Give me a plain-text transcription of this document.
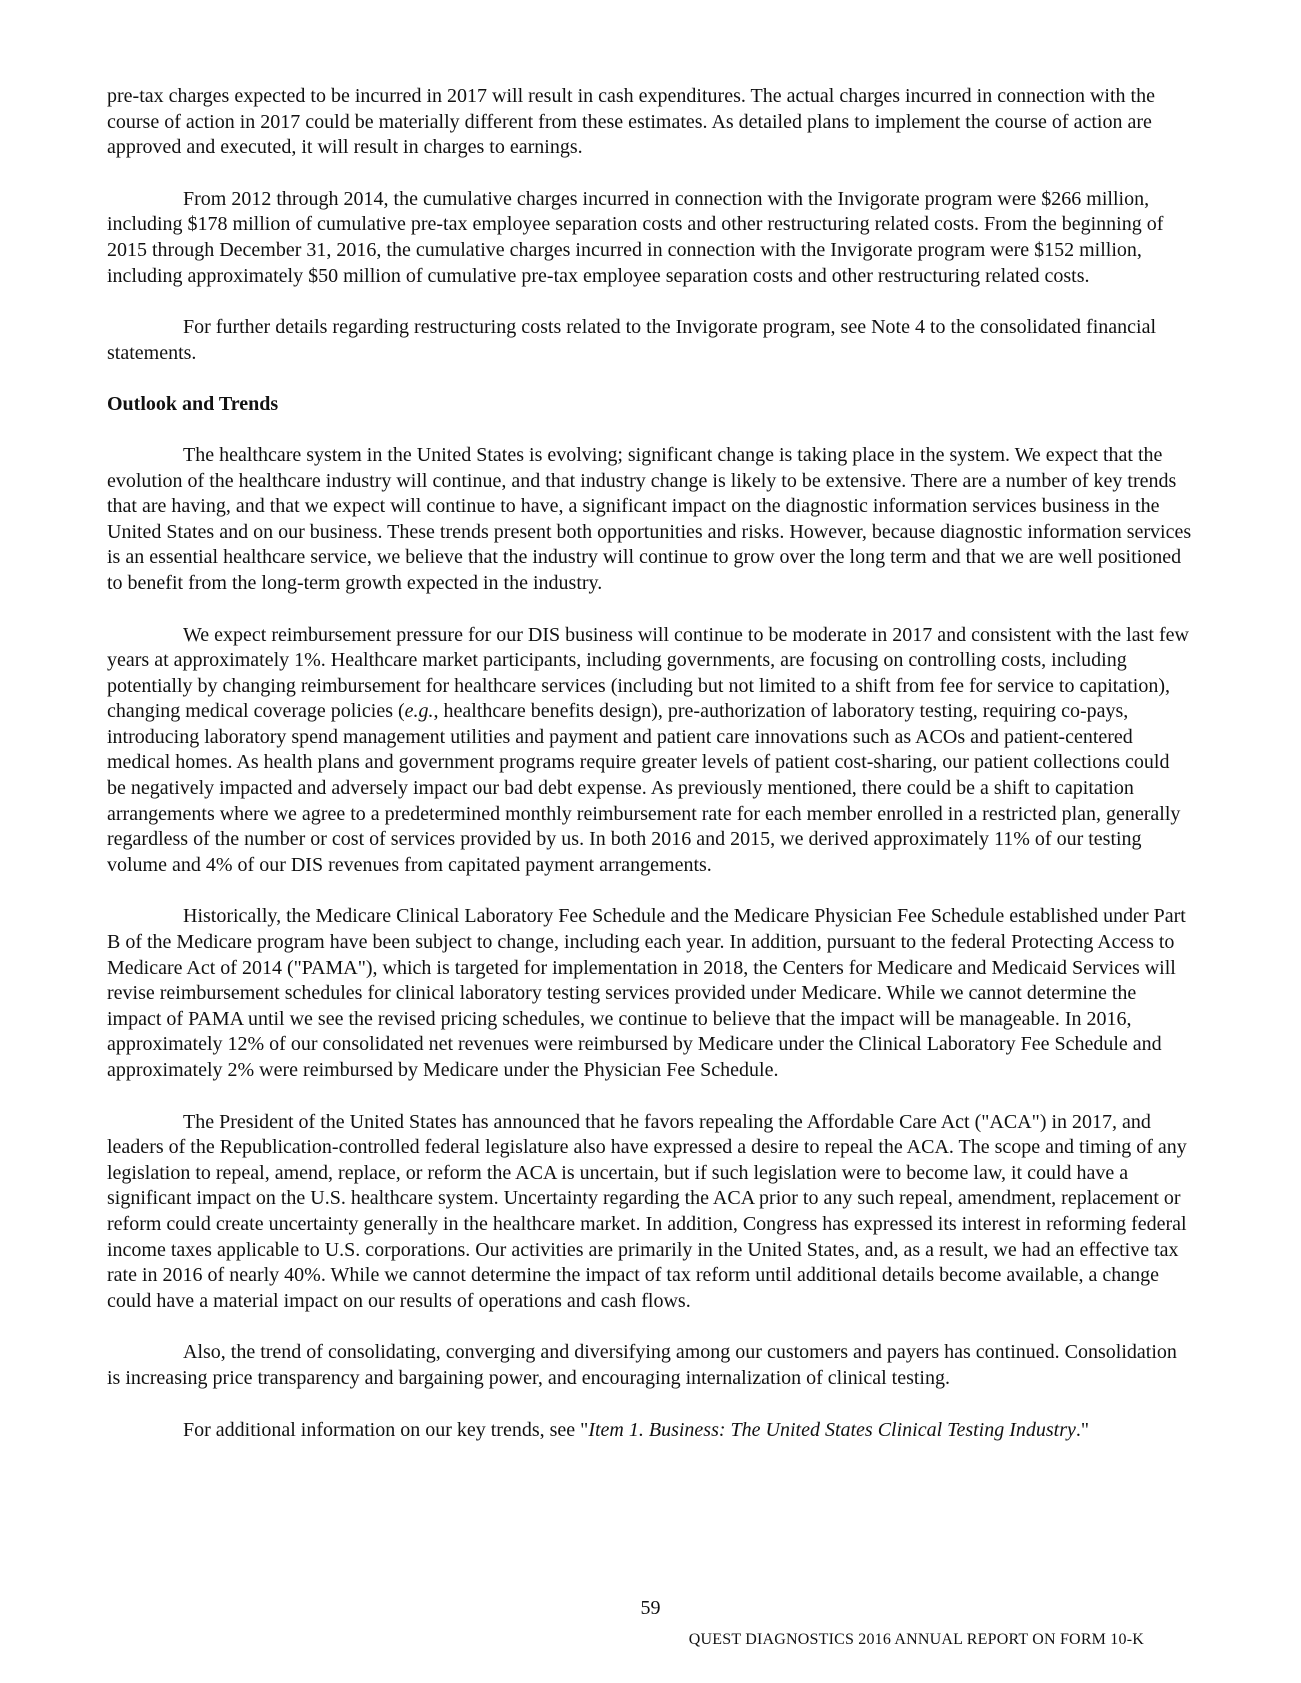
pre-tax charges expected to be incurred in 2017 will result in cash expenditures. The actual charges incurred in connection with the course of action in 2017 could be materially different from these estimates. As detailed plans to implement the course of action are approved and executed, it will result in charges to earnings.

From 2012 through 2014, the cumulative charges incurred in connection with the Invigorate program were $266 million, including $178 million of cumulative pre-tax employee separation costs and other restructuring related costs. From the beginning of 2015 through December 31, 2016, the cumulative charges incurred in connection with the Invigorate program were $152 million, including approximately $50 million of cumulative pre-tax employee separation costs and other restructuring related costs.

For further details regarding restructuring costs related to the Invigorate program, see Note 4 to the consolidated financial statements.

Outlook and Trends

The healthcare system in the United States is evolving; significant change is taking place in the system. We expect that the evolution of the healthcare industry will continue, and that industry change is likely to be extensive. There are a number of key trends that are having, and that we expect will continue to have, a significant impact on the diagnostic information services business in the United States and on our business. These trends present both opportunities and risks. However, because diagnostic information services is an essential healthcare service, we believe that the industry will continue to grow over the long term and that we are well positioned to benefit from the long-term growth expected in the industry.

We expect reimbursement pressure for our DIS business will continue to be moderate in 2017 and consistent with the last few years at approximately 1%. Healthcare market participants, including governments, are focusing on controlling costs, including potentially by changing reimbursement for healthcare services (including but not limited to a shift from fee for service to capitation), changing medical coverage policies (e.g., healthcare benefits design), pre-authorization of laboratory testing, requiring co-pays, introducing laboratory spend management utilities and payment and patient care innovations such as ACOs and patient-centered medical homes. As health plans and government programs require greater levels of patient cost-sharing, our patient collections could be negatively impacted and adversely impact our bad debt expense. As previously mentioned, there could be a shift to capitation arrangements where we agree to a predetermined monthly reimbursement rate for each member enrolled in a restricted plan, generally regardless of the number or cost of services provided by us. In both 2016 and 2015, we derived approximately 11% of our testing volume and 4% of our DIS revenues from capitated payment arrangements.

Historically, the Medicare Clinical Laboratory Fee Schedule and the Medicare Physician Fee Schedule established under Part B of the Medicare program have been subject to change, including each year. In addition, pursuant to the federal Protecting Access to Medicare Act of 2014 ("PAMA"), which is targeted for implementation in 2018, the Centers for Medicare and Medicaid Services will revise reimbursement schedules for clinical laboratory testing services provided under Medicare. While we cannot determine the impact of PAMA until we see the revised pricing schedules, we continue to believe that the impact will be manageable. In 2016, approximately 12% of our consolidated net revenues were reimbursed by Medicare under the Clinical Laboratory Fee Schedule and approximately 2% were reimbursed by Medicare under the Physician Fee Schedule.

The President of the United States has announced that he favors repealing the Affordable Care Act ("ACA") in 2017, and leaders of the Republication-controlled federal legislature also have expressed a desire to repeal the ACA. The scope and timing of any legislation to repeal, amend, replace, or reform the ACA is uncertain, but if such legislation were to become law, it could have a significant impact on the U.S. healthcare system. Uncertainty regarding the ACA prior to any such repeal, amendment, replacement or reform could create uncertainty generally in the healthcare market. In addition, Congress has expressed its interest in reforming federal income taxes applicable to U.S. corporations. Our activities are primarily in the United States, and, as a result, we had an effective tax rate in 2016 of nearly 40%. While we cannot determine the impact of tax reform until additional details become available, a change could have a material impact on our results of operations and cash flows.

Also, the trend of consolidating, converging and diversifying among our customers and payers has continued. Consolidation is increasing price transparency and bargaining power, and encouraging internalization of clinical testing.

For additional information on our key trends, see "Item 1. Business: The United States Clinical Testing Industry."

59
QUEST DIAGNOSTICS 2016 ANNUAL REPORT ON FORM 10-K
